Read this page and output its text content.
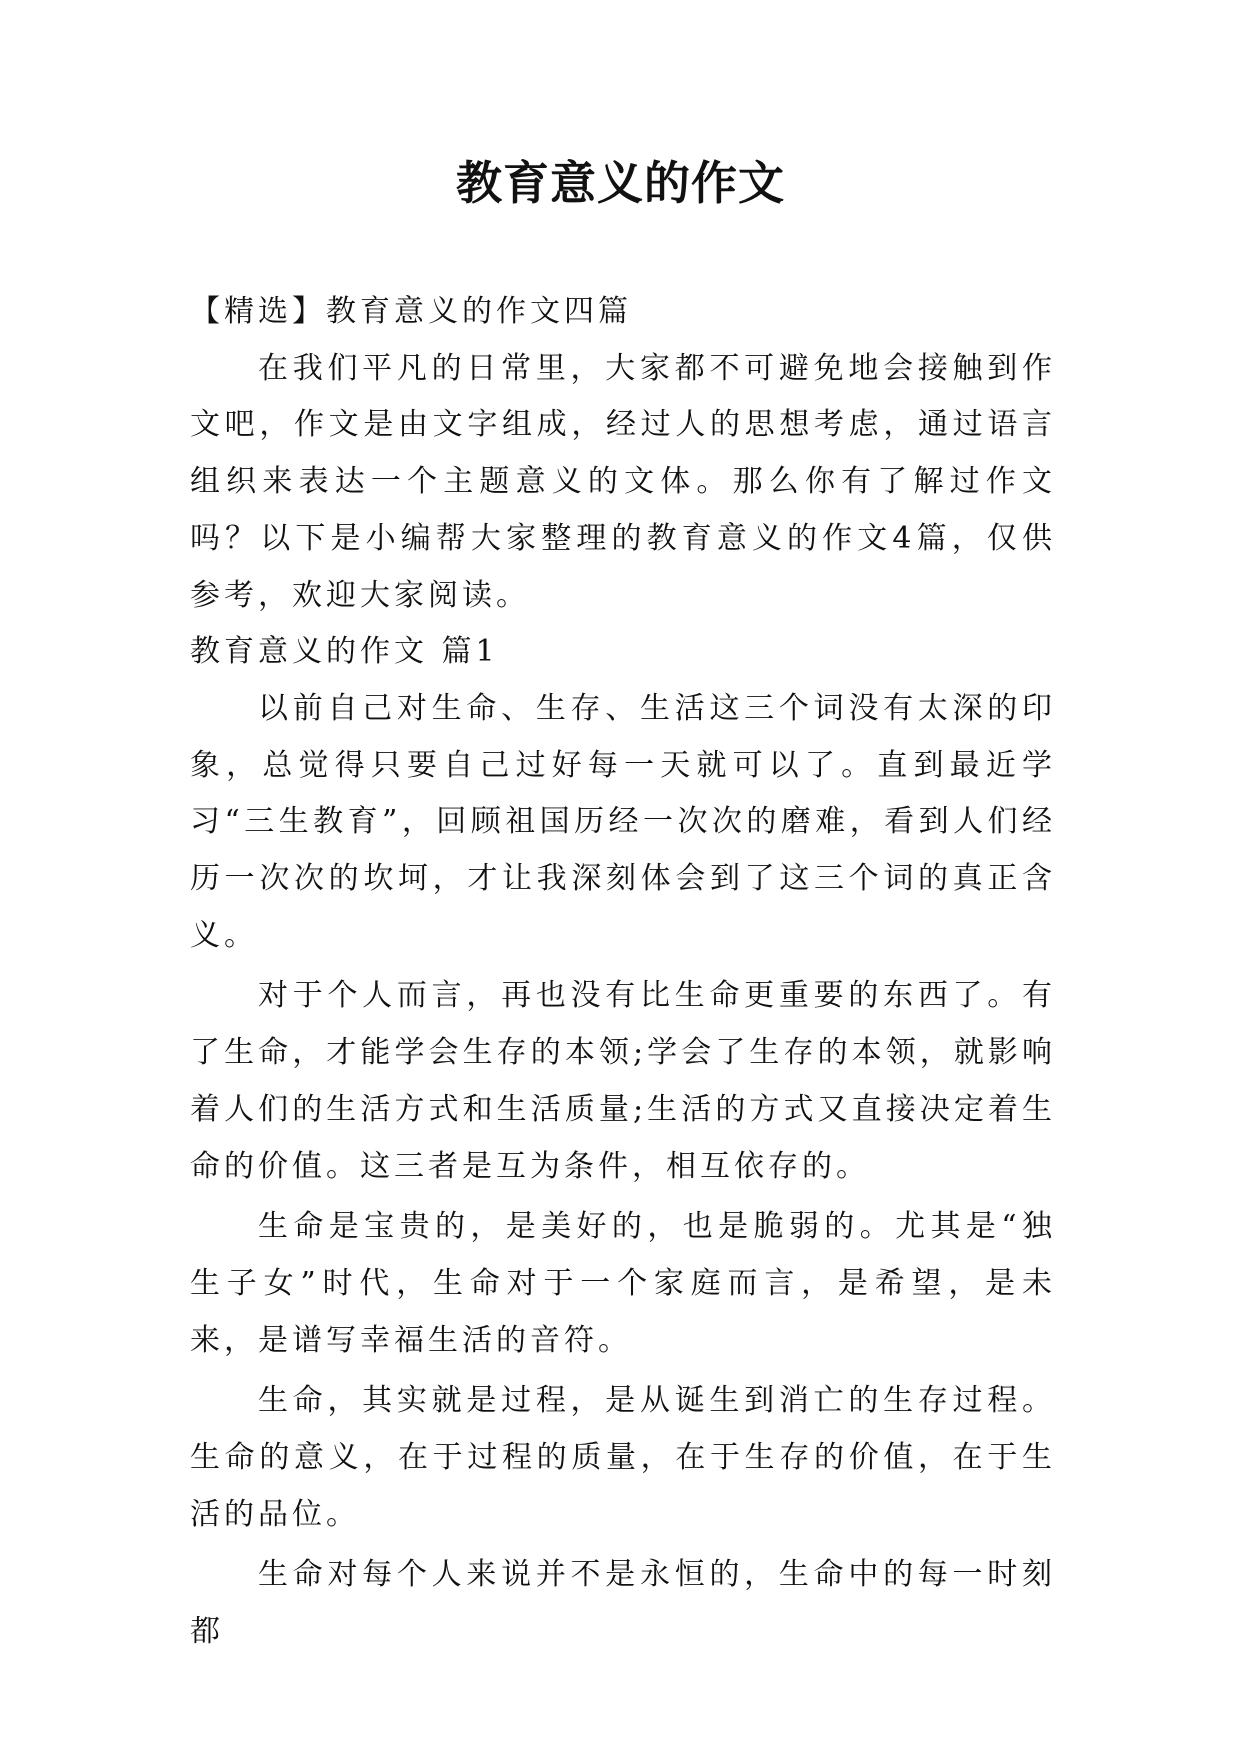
教育意义的作文

【精选】教育意义的作文四篇

在我们平凡的日常里，大家都不可避免地会接触到作文吧，作文是由文字组成，经过人的思想考虑，通过语言组织来表达一个主题意义的文体。那么你有了解过作文吗？以下是小编帮大家整理的教育意义的作文4篇，仅供参考，欢迎大家阅读。

教育意义的作文 篇1

以前自己对生命、生存、生活这三个词没有太深的印象，总觉得只要自己过好每一天就可以了。直到最近学习“三生教育”，回顾祖国历经一次次的磨难，看到人们经历一次次的坎坷，才让我深刻体会到了这三个词的真正含义。

对于个人而言，再也没有比生命更重要的东西了。有了生命，才能学会生存的本领;学会了生存的本领，就影响着人们的生活方式和生活质量;生活的方式又直接决定着生命的价值。这三者是互为条件，相互依存的。

生命是宝贵的，是美好的，也是脆弱的。尤其是“独生子女”时代，生命对于一个家庭而言，是希望，是未来，是谱写幸福生活的音符。

生命，其实就是过程，是从诞生到消亡的生存过程。生命的意义，在于过程的质量，在于生存的价值，在于生活的品位。

生命对每个人来说并不是永恒的，生命中的每一时刻都
